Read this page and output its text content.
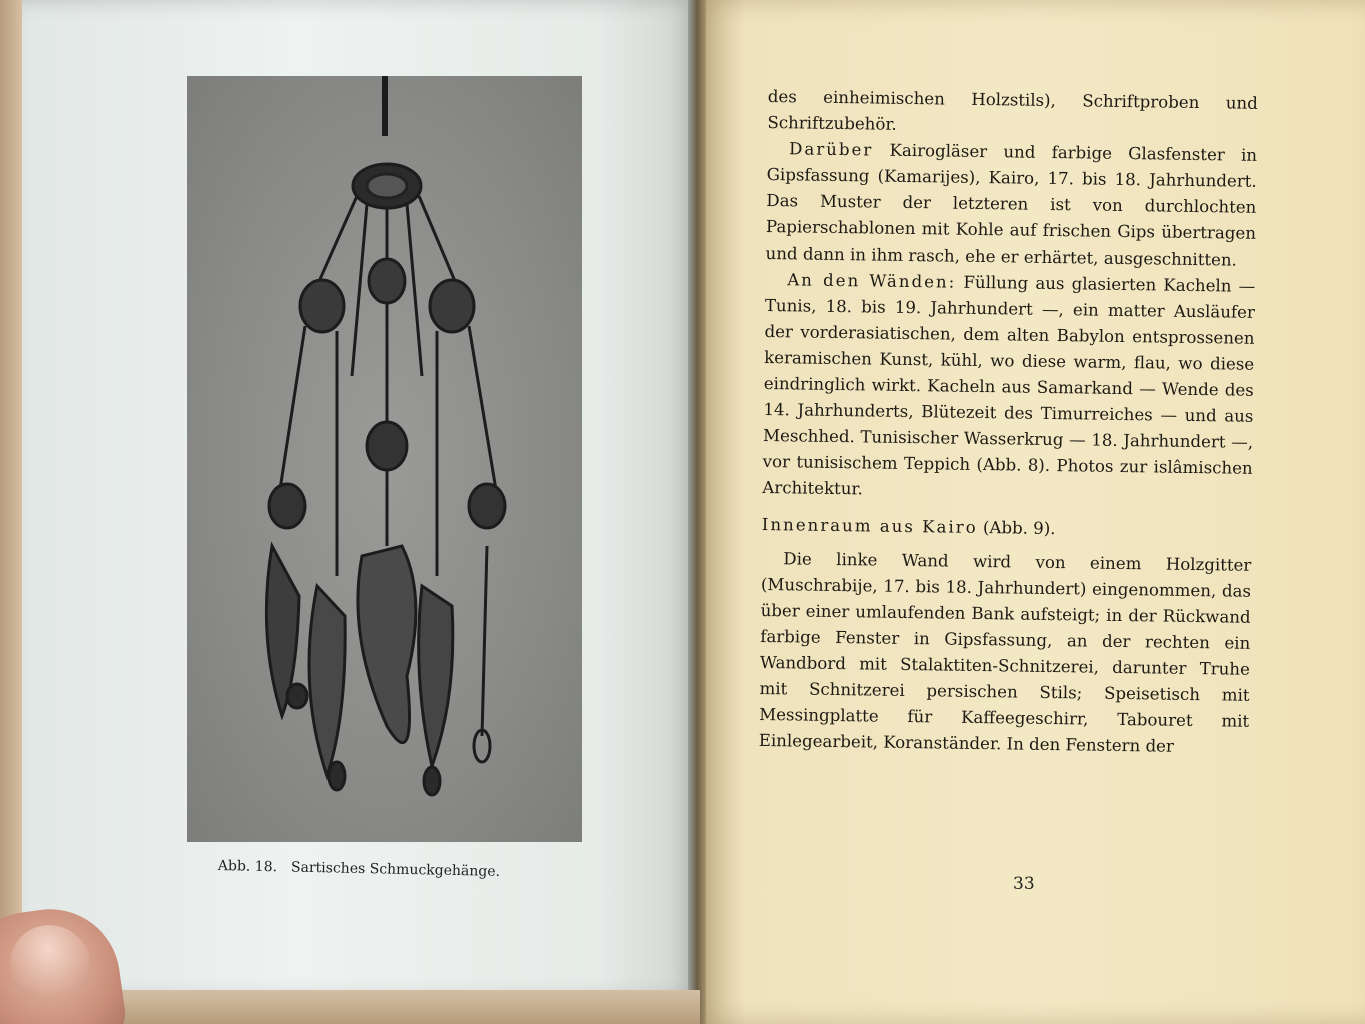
Abb. 18. Sartisches Schmuckgehänge.

des einheimischen Holzstils), Schriftproben und Schriftzubehör.

Darüber Kairogläser und farbige Glasfenster in Gipsfassung (Kamarijes), Kairo, 17. bis 18. Jahrhundert. Das Muster der letzteren ist von durchlochten Papierschablonen mit Kohle auf frischen Gips übertragen und dann in ihm rasch, ehe er erhärtet, ausgeschnitten.

An den Wänden: Füllung aus glasierten Kacheln — Tunis, 18. bis 19. Jahrhundert —, ein matter Ausläufer der vorderasiatischen, dem alten Babylon entsprossenen keramischen Kunst, kühl, wo diese warm, flau, wo diese eindringlich wirkt. Kacheln aus Samarkand — Wende des 14. Jahrhunderts, Blütezeit des Timurreiches — und aus Meschhed. Tunisischer Wasserkrug — 18. Jahrhundert —, vor tunisischem Teppich (Abb. 8). Photos zur islâmischen Architektur.

Innenraum aus Kairo (Abb. 9).

Die linke Wand wird von einem Holzgitter (Muschrabije, 17. bis 18. Jahrhundert) eingenommen, das über einer umlaufenden Bank aufsteigt; in der Rückwand farbige Fenster in Gipsfassung, an der rechten ein Wandbord mit Stalaktiten-Schnitzerei, darunter Truhe mit Schnitzerei persischen Stils; Speisetisch mit Messingplatte für Kaffeegeschirr, Tabouret mit Einlegearbeit, Koranständer. In den Fenstern der

33
